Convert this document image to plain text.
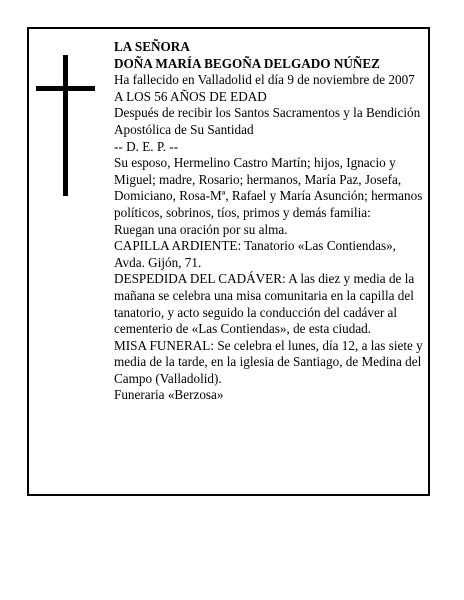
LA SEÑORA

DOÑA MARÍA BEGOÑA DELGADO NÚÑEZ

Ha fallecido en Valladolid el día 9 de noviembre de 2007

A LOS 56 AÑOS DE EDAD

Después de recibir los Santos Sacramentos y la Bendición Apostólica de Su Santidad

-- D. E. P. --

Su esposo, Hermelino Castro Martín; hijos, Ignacio y Miguel; madre, Rosario; hermanos, María Paz, Josefa, Domiciano, Rosa-Mª, Rafael y María Asunción; hermanos políticos, sobrinos, tíos, primos y demás familia:

Ruegan una oración por su alma.

CAPILLA ARDIENTE: Tanatorio «Las Contiendas», Avda. Gijón, 71.

DESPEDIDA DEL CADÁVER: A las diez y media de la mañana se celebra una misa comunitaria en la capilla del tanatorio, y acto seguido la conducción del cadáver al cementerio de «Las Contiendas», de esta ciudad.

MISA FUNERAL: Se celebra el lunes, día 12, a las siete y media de la tarde, en la iglesia de Santiago, de Medina del Campo (Valladolid).

Funeraria «Berzosa»
